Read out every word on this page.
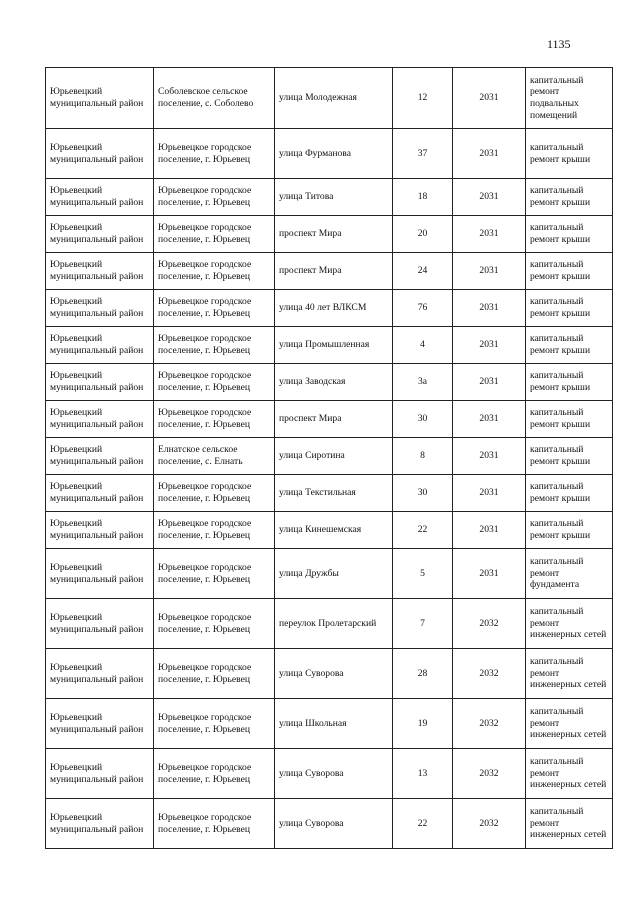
1135
Юрьевецкий муниципальный район	Соболевское сельское поселение, с. Соболево	улица Молодежная	12	2031	капитальный ремонт подвальных помещений
Юрьевецкий муниципальный район	Юрьевецкое городское поселение, г. Юрьевец	улица Фурманова	37	2031	капитальный ремонт крыши
Юрьевецкий муниципальный район	Юрьевецкое городское поселение, г. Юрьевец	улица Титова	18	2031	капитальный ремонт крыши
Юрьевецкий муниципальный район	Юрьевецкое городское поселение, г. Юрьевец	проспект Мира	20	2031	капитальный ремонт крыши
Юрьевецкий муниципальный район	Юрьевецкое городское поселение, г. Юрьевец	проспект Мира	24	2031	капитальный ремонт крыши
Юрьевецкий муниципальный район	Юрьевецкое городское поселение, г. Юрьевец	улица 40 лет ВЛКСМ	76	2031	капитальный ремонт крыши
Юрьевецкий муниципальный район	Юрьевецкое городское поселение, г. Юрьевец	улица Промышленная	4	2031	капитальный ремонт крыши
Юрьевецкий муниципальный район	Юрьевецкое городское поселение, г. Юрьевец	улица Заводская	3а	2031	капитальный ремонт крыши
Юрьевецкий муниципальный район	Юрьевецкое городское поселение, г. Юрьевец	проспект Мира	30	2031	капитальный ремонт крыши
Юрьевецкий муниципальный район	Елнатское сельское поселение, с. Елнать	улица Сиротина	8	2031	капитальный ремонт крыши
Юрьевецкий муниципальный район	Юрьевецкое городское поселение, г. Юрьевец	улица Текстильная	30	2031	капитальный ремонт крыши
Юрьевецкий муниципальный район	Юрьевецкое городское поселение, г. Юрьевец	улица Кинешемская	22	2031	капитальный ремонт крыши
Юрьевецкий муниципальный район	Юрьевецкое городское поселение, г. Юрьевец	улица Дружбы	5	2031	капитальный ремонт фундамента
Юрьевецкий муниципальный район	Юрьевецкое городское поселение, г. Юрьевец	переулок Пролетарский	7	2032	капитальный ремонт инженерных сетей
Юрьевецкий муниципальный район	Юрьевецкое городское поселение, г. Юрьевец	улица Суворова	28	2032	капитальный ремонт инженерных сетей
Юрьевецкий муниципальный район	Юрьевецкое городское поселение, г. Юрьевец	улица Школьная	19	2032	капитальный ремонт инженерных сетей
Юрьевецкий муниципальный район	Юрьевецкое городское поселение, г. Юрьевец	улица Суворова	13	2032	капитальный ремонт инженерных сетей
Юрьевецкий муниципальный район	Юрьевецкое городское поселение, г. Юрьевец	улица Суворова	22	2032	капитальный ремонт инженерных сетей
